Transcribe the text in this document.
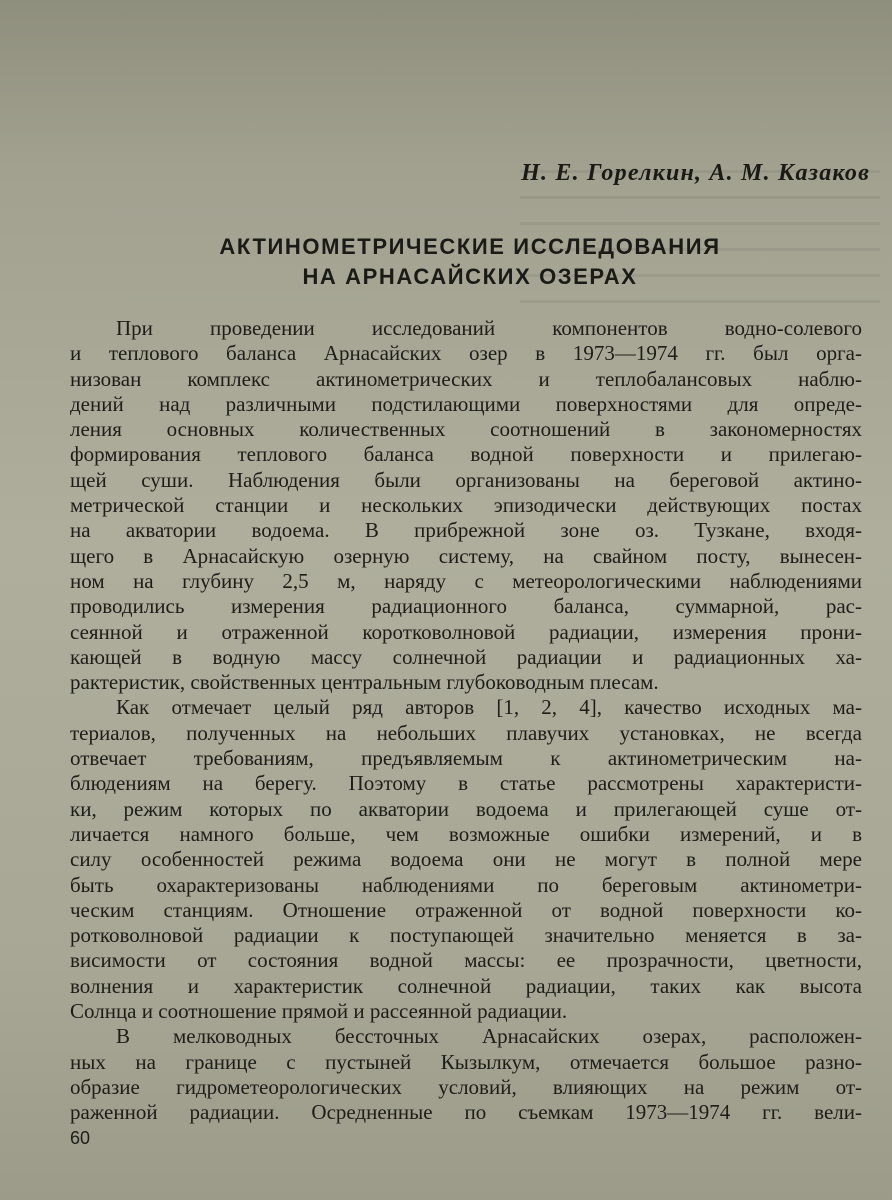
Н. Е. Горелкин, А. М. Казаков
АКТИНОМЕТРИЧЕСКИЕ ИССЛЕДОВАНИЯ
НА АРНАСАЙСКИХ ОЗЕРАХ
При проведении исследований компонентов водно-солевого
и теплового баланса Арнасайских озер в 1973—1974 гг. был орга-
низован комплекс актинометрических и теплобалансовых наблю-
дений над различными подстилающими поверхностями для опреде-
ления основных количественных соотношений в закономерностях
формирования теплового баланса водной поверхности и прилегаю-
щей суши. Наблюдения были организованы на береговой актино-
метрической станции и нескольких эпизодически действующих постах
на акватории водоема. В прибрежной зоне оз. Тузкане, входя-
щего в Арнасайскую озерную систему, на свайном посту, вынесен-
ном на глубину 2,5 м, наряду с метеорологическими наблюдениями
проводились измерения радиационного баланса, суммарной, рас-
сеянной и отраженной коротковолновой радиации, измерения прони-
кающей в водную массу солнечной радиации и радиационных ха-
рактеристик, свойственных центральным глубоководным плесам.
Как отмечает целый ряд авторов [1, 2, 4], качество исходных ма-
териалов, полученных на небольших плавучих установках, не всегда
отвечает требованиям, предъявляемым к актинометрическим на-
блюдениям на берегу. Поэтому в статье рассмотрены характеристи-
ки, режим которых по акватории водоема и прилегающей суше от-
личается намного больше, чем возможные ошибки измерений, и в
силу особенностей режима водоема они не могут в полной мере
быть охарактеризованы наблюдениями по береговым актинометри-
ческим станциям. Отношение отраженной от водной поверхности ко-
ротковолновой радиации к поступающей значительно меняется в за-
висимости от состояния водной массы: ее прозрачности, цветности,
волнения и характеристик солнечной радиации, таких как высота
Солнца и соотношение прямой и рассеянной радиации.
В мелководных бессточных Арнасайских озерах, расположен-
ных на границе с пустыней Кызылкум, отмечается большое разно-
образие гидрометеорологических условий, влияющих на режим от-
раженной радиации. Осредненные по съемкам 1973—1974 гг. вели-
60
